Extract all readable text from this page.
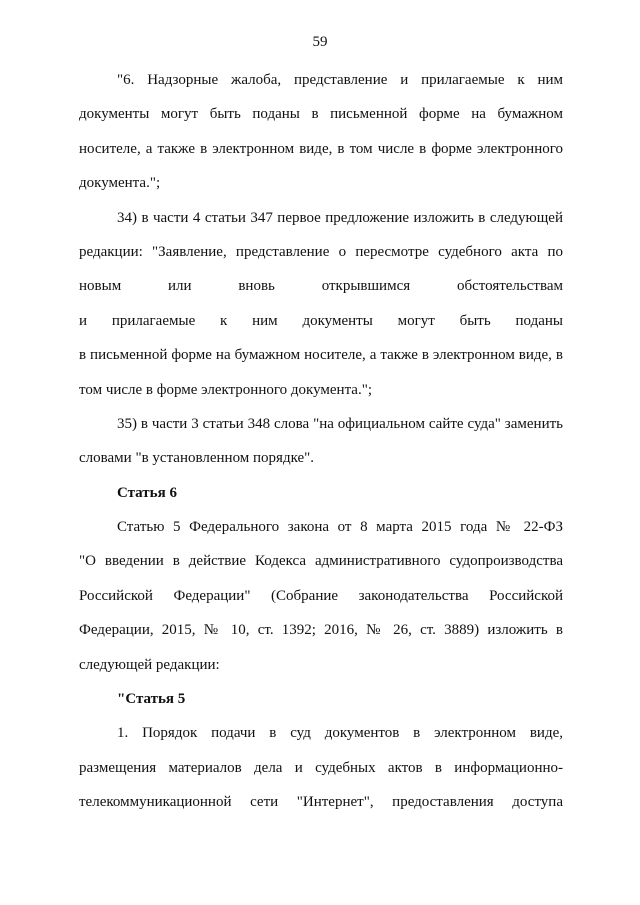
59
"6. Надзорные жалоба, представление и прилагаемые к ним
документы могут быть поданы в письменной форме на бумажном
носителе, а также в электронном виде, в том числе в форме электронного
документа.";
34) в части 4 статьи 347 первое предложение изложить в следующей
редакции: "Заявление, представление о пересмотре судебного акта по
новым или вновь открывшимся обстоятельствам
и прилагаемые к ним документы могут быть поданы
в письменной форме на бумажном носителе, а также в электронном виде, в
том числе в форме электронного документа.";
35) в части 3 статьи 348 слова "на официальном сайте суда" заменить
словами "в установленном порядке".
Статья 6
Статью 5 Федерального закона от 8 марта 2015 года № 22-ФЗ
"О введении в действие Кодекса административного судопроизводства
Российской Федерации" (Собрание законодательства Российской
Федерации, 2015, № 10, ст. 1392; 2016, № 26, ст. 3889) изложить в
следующей редакции:
"Статья 5
1. Порядок подачи в суд документов в электронном виде,
размещения материалов дела и судебных актов в информационно-
телекоммуникационной сети "Интернет", предоставления доступа
